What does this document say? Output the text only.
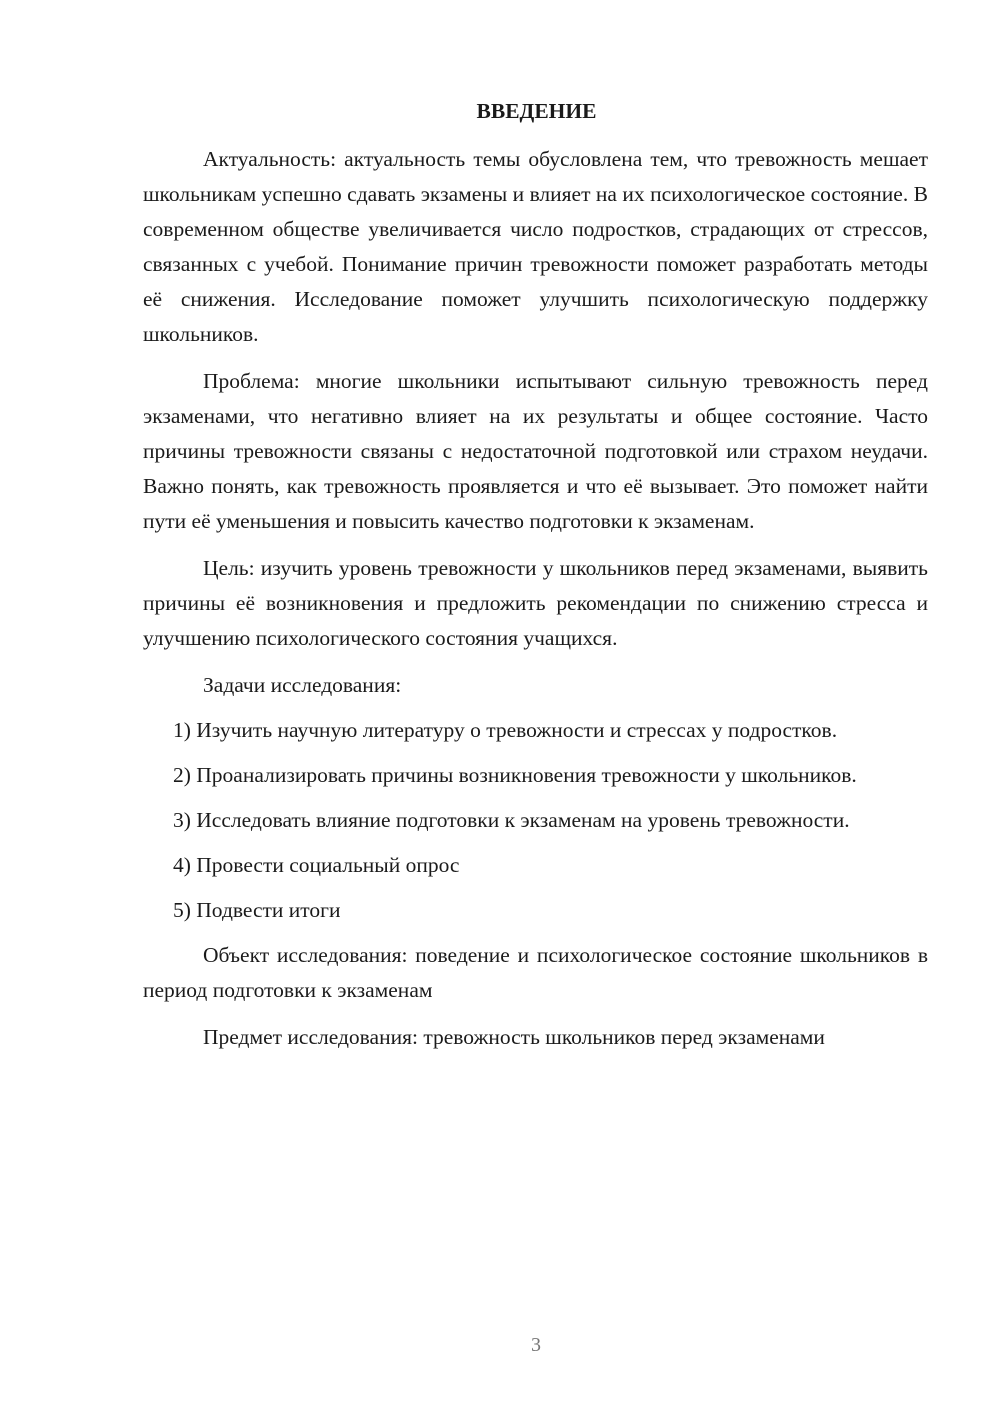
ВВЕДЕНИЕ

Актуальность: актуальность темы обусловлена тем, что тревожность мешает школьникам успешно сдавать экзамены и влияет на их психологическое состояние. В современном обществе увеличивается число подростков, страдающих от стрессов, связанных с учебой. Понимание причин тревожности поможет разработать методы её снижения. Исследование поможет улучшить психологическую поддержку школьников.

Проблема: многие школьники испытывают сильную тревожность перед экзаменами, что негативно влияет на их результаты и общее состояние. Часто причины тревожности связаны с недостаточной подготовкой или страхом неудачи. Важно понять, как тревожность проявляется и что её вызывает. Это поможет найти пути её уменьшения и повысить качество подготовки к экзаменам.

Цель: изучить уровень тревожности у школьников перед экзаменами, выявить причины её возникновения и предложить рекомендации по снижению стресса и улучшению психологического состояния учащихся.

Задачи исследования:

1) Изучить научную литературу о тревожности и стрессах у подростков.

2) Проанализировать причины возникновения тревожности у школьников.

3) Исследовать влияние подготовки к экзаменам на уровень тревожности.

4) Провести социальный опрос

5) Подвести итоги

Объект исследования: поведение и психологическое состояние школьников в период подготовки к экзаменам

Предмет исследования: тревожность школьников перед экзаменами

3
